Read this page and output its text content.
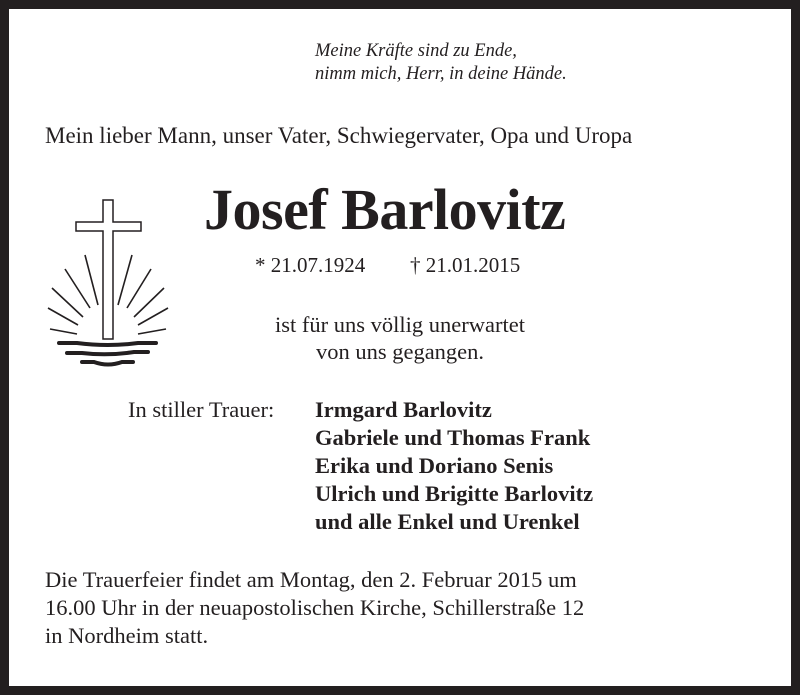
Meine Kräfte sind zu Ende,
nimm mich, Herr, in deine Hände.
Mein lieber Mann, unser Vater, Schwiegervater, Opa und Uropa
Josef Barlovitz
* 21.07.1924 † 21.01.2015
ist für uns völlig unerwartet
von uns gegangen.
In stiller Trauer: Irmgard Barlovitz
Gabriele und Thomas Frank
Erika und Doriano Senis
Ulrich und Brigitte Barlovitz
und alle Enkel und Urenkel
Die Trauerfeier findet am Montag, den 2. Februar 2015 um
16.00 Uhr in der neuapostolischen Kirche, Schillerstraße 12
in Nordheim statt.
